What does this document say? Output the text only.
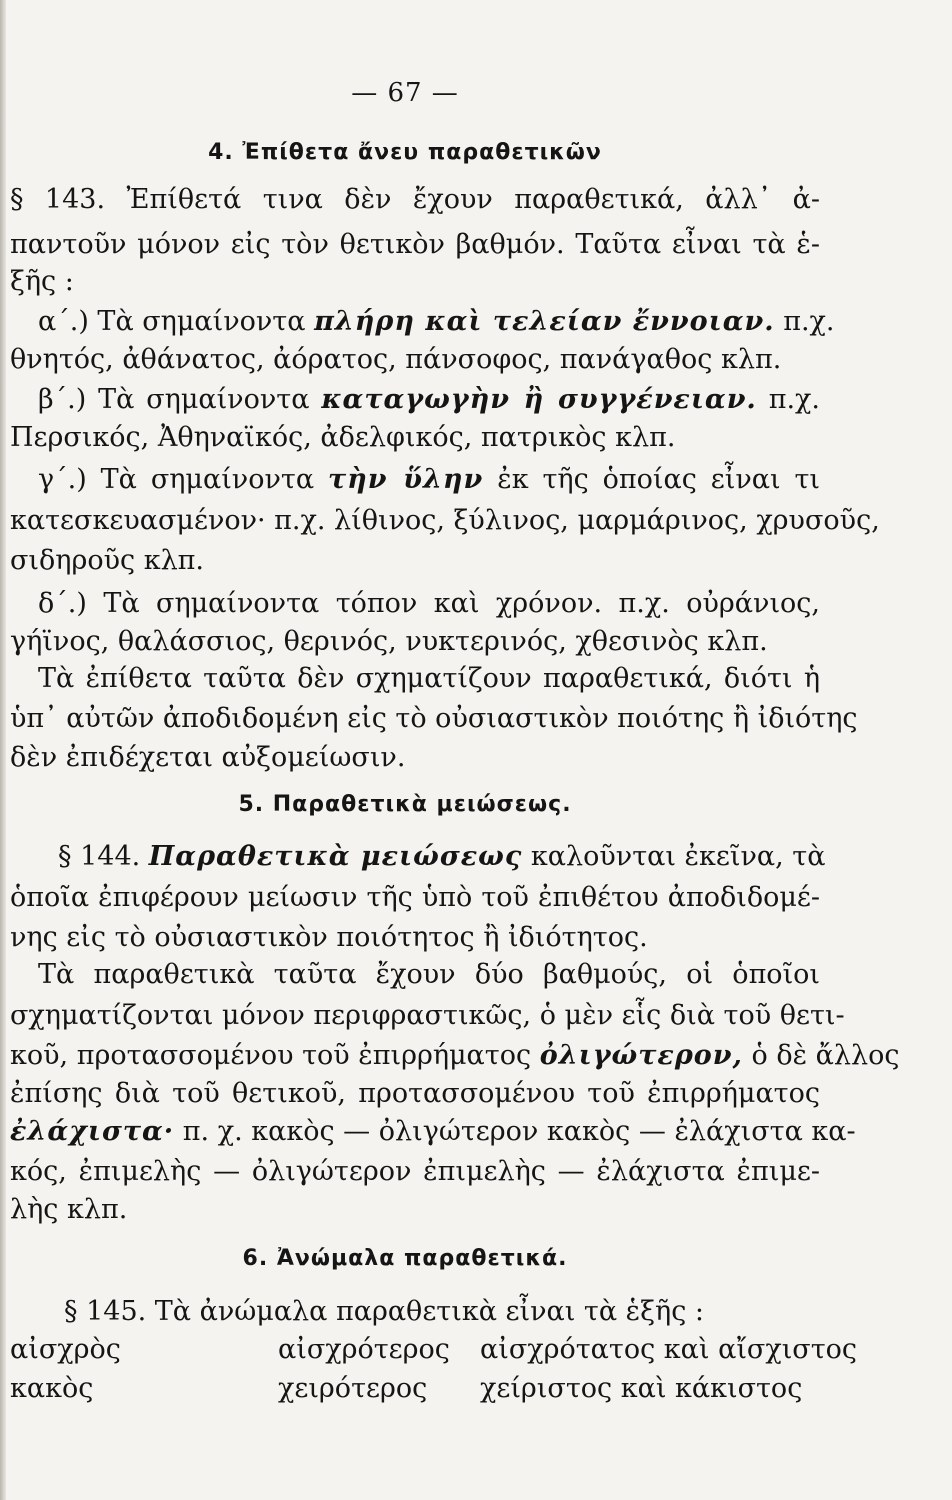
— 67 —
4. Ἐπίθετα ἄνευ παραθετικῶν
§ 143. Ἐπίθετά τινα δὲν ἔχουν παραθετικά, ἀλλ᾽ ἀ-
παντοῦν μόνον εἰς τὸν θετικὸν βαθμόν. Ταῦτα εἶναι τὰ ἑ-
ξῆς :
α΄.) Τὰ σημαίνοντα πλήρη καὶ τελείαν ἔννοιαν. π.χ.
θνητός, ἀθάνατος, ἀόρατος, πάνσοφος, πανάγαθος κλπ.
β΄.) Τὰ σημαίνοντα καταγωγὴν ἢ συγγένειαν. π.χ.
Περσικός, Ἀθηναϊκός, ἀδελφικός, πατρικὸς κλπ.
γ΄.) Τὰ σημαίνοντα τὴν ὕλην ἐκ τῆς ὁποίας εἶναι τι
κατεσκευασμένον· π.χ. λίθινος, ξύλινος, μαρμάρινος, χρυσοῦς,
σιδηροῦς κλπ.
δ΄.) Τὰ σημαίνοντα τόπον καὶ χρόνον. π.χ. οὐράνιος,
γήϊνος, θαλάσσιος, θερινός, νυκτερινός, χθεσινὸς κλπ.
Τὰ ἐπίθετα ταῦτα δὲν σχηματίζουν παραθετικά, διότι ἡ
ὑπ᾽ αὐτῶν ἀποδιδομένη εἰς τὸ οὐσιαστικὸν ποιότης ἢ ἰδιότης
δὲν ἐπιδέχεται αὐξομείωσιν.
5. Παραθετικὰ μειώσεως.
§ 144. Παραθετικὰ μειώσεως καλοῦνται ἐκεῖνα, τὰ
ὁποῖα ἐπιφέρουν μείωσιν τῆς ὑπὸ τοῦ ἐπιθέτου ἀποδιδομέ-
νης εἰς τὸ οὐσιαστικὸν ποιότητος ἢ ἰδιότητος.
Τὰ παραθετικὰ ταῦτα ἔχουν δύο βαθμούς, οἱ ὁποῖοι
σχηματίζονται μόνον περιφραστικῶς, ὁ μὲν εἷς διὰ τοῦ θετι-
κοῦ, προτασσομένου τοῦ ἐπιρρήματος ὀλιγώτερον, ὁ δὲ ἄλλος
ἐπίσης διὰ τοῦ θετικοῦ, προτασσομένου τοῦ ἐπιρρήματος
ἐλάχιστα· π. χ. κακὸς — ὀλιγώτερον κακὸς — ἐλάχιστα κα-
κός, ἐπιμελὴς — ὀλιγώτερον ἐπιμελὴς — ἐλάχιστα ἐπιμε-
λὴς κλπ.
6. Ἀνώμαλα παραθετικά.
§ 145. Τὰ ἀνώμαλα παραθετικὰ εἶναι τὰ ἑξῆς :
αἰσχρὸς	αἰσχρότερος αἰσχρότατος καὶ αἴσχιστος
κακὸς	χειρότερος χείριστος καὶ κάκιστος
